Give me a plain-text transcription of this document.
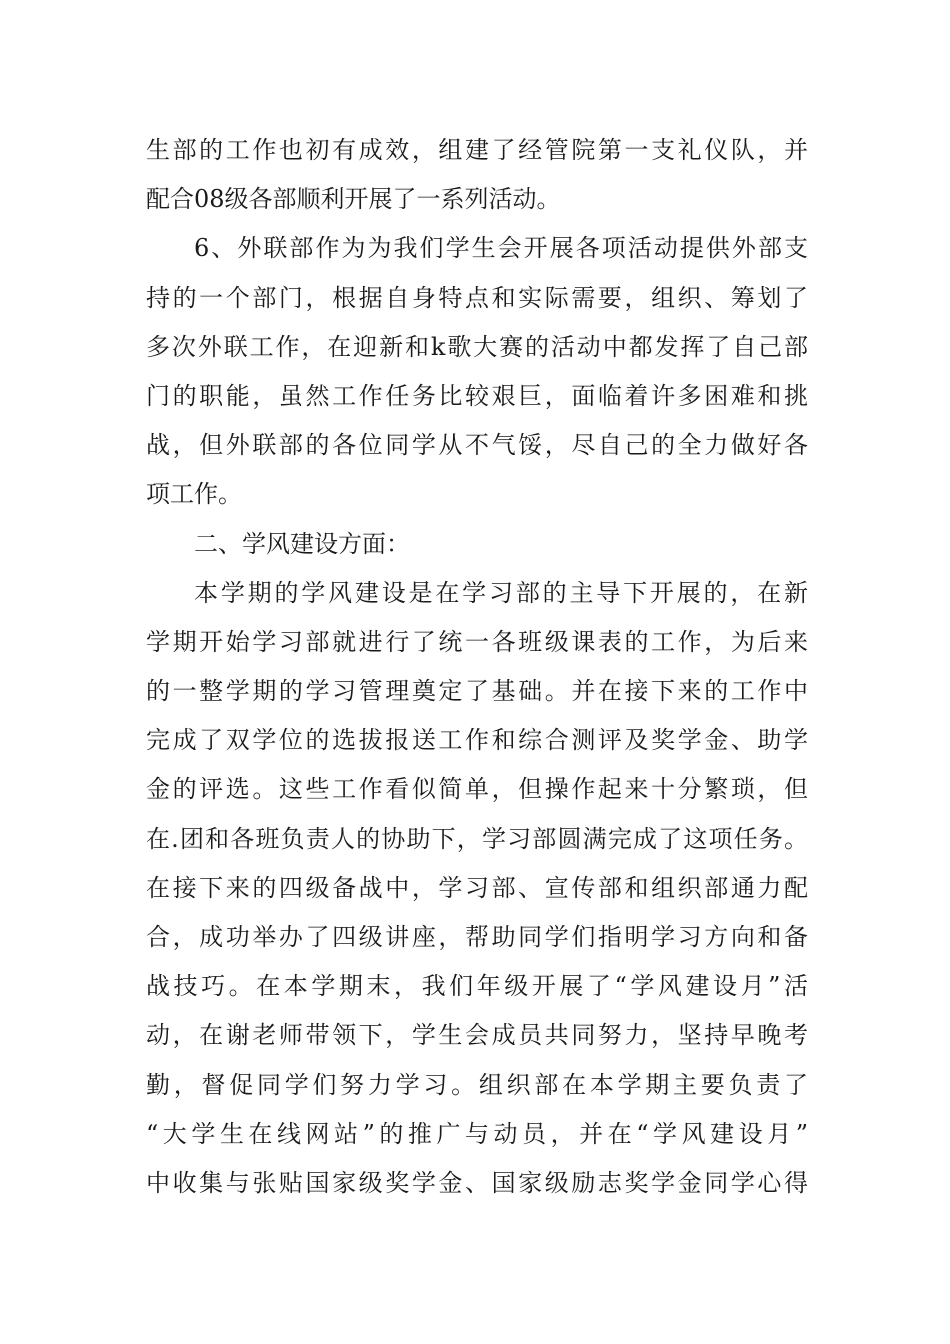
生部的工作也初有成效，组建了经管院第一支礼仪队，并
配合08级各部顺利开展了一系列活动。
6、外联部作为为我们学生会开展各项活动提供外部支
持的一个部门，根据自身特点和实际需要，组织、筹划了
多次外联工作，在迎新和k歌大赛的活动中都发挥了自己部
门的职能，虽然工作任务比较艰巨，面临着许多困难和挑
战，但外联部的各位同学从不气馁，尽自己的全力做好各
项工作。
二、学风建设方面：
本学期的学风建设是在学习部的主导下开展的，在新
学期开始学习部就进行了统一各班级课表的工作，为后来
的一整学期的学习管理奠定了基础。并在接下来的工作中
完成了双学位的选拔报送工作和综合测评及奖学金、助学
金的评选。这些工作看似简单，但操作起来十分繁琐，但
在.团和各班负责人的协助下，学习部圆满完成了这项任务。
在接下来的四级备战中，学习部、宣传部和组织部通力配
合，成功举办了四级讲座，帮助同学们指明学习方向和备
战技巧。在本学期末，我们年级开展了“学风建设月”活
动，在谢老师带领下，学生会成员共同努力，坚持早晚考
勤，督促同学们努力学习。组织部在本学期主要负责了
“大学生在线网站”的推广与动员，并在“学风建设月”
中收集与张贴国家级奖学金、国家级励志奖学金同学心得
